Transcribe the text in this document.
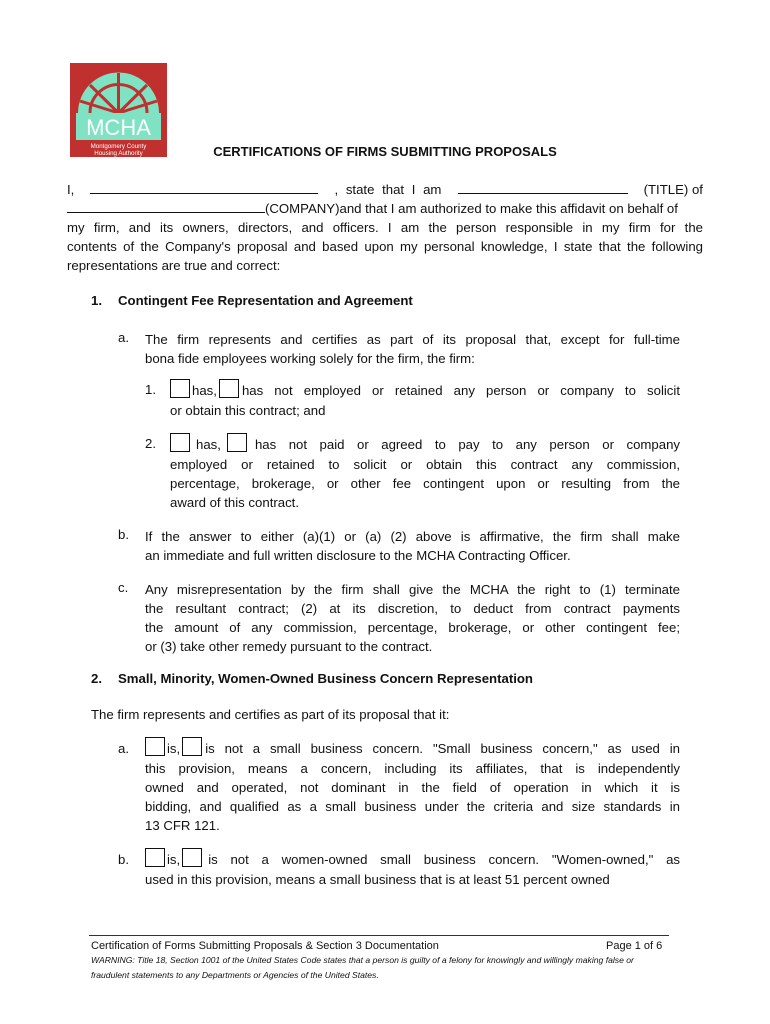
MCHA
Montgomery County
Housing Authority	CERTIFICATIONS OF FIRMS SUBMITTING PROPOSALS
I,	, state that I am	(TITLE) of
(COMPANY)and that I am authorized to make this affidavit on behalf of
my firm, and its owners, directors, and officers. I am the person responsible in my firm for the
contents of the Company's proposal and based upon my personal knowledge, I state that the following
representations are true and correct:
1. Contingent Fee Representation and Agreement
a. The firm represents and certifies as part of its proposal that, except for full-time
bona fide employees working solely for the firm, the firm:
1.	has, has not employed or retained any person or company to solicit
or obtain this contract; and
2.	has,	has not paid or agreed to pay to any person or company
employed or retained to solicit or obtain this contract any commission,
percentage, brokerage, or other fee contingent upon or resulting from the
award of this contract.
b. If the answer to either (a)(1) or (a) (2) above is affirmative, the firm shall make
an immediate and full written disclosure to the MCHA Contracting Officer.
c. Any misrepresentation by the firm shall give the MCHA the right to (1) terminate
the resultant contract; (2) at its discretion, to deduct from contract payments
the amount of any commission, percentage, brokerage, or other contingent fee;
or (3) take other remedy pursuant to the contract.
2. Small, Minority, Women-Owned Business Concern Representation
The firm represents and certifies as part of its proposal that it:
a.	is, is not a small business concern. "Small business concern," as used in
this provision, means a concern, including its affiliates, that is independently
owned and operated, not dominant in the field of operation in which it is
bidding, and qualified as a small business under the criteria and size standards in
13 CFR 121.
b.	is,	is not a women-owned small business concern. "Women-owned," as
used in this provision, means a small business that is at least 51 percent owned
Certification of Forms Submitting Proposals & Section 3 Documentation	Page 1 of 6
WARNING: Title 18, Section 1001 of the United States Code states that a person is guilty of a felony for knowingly and willingly making false or
fraudulent statements to any Departments or Agencies of the United States.
